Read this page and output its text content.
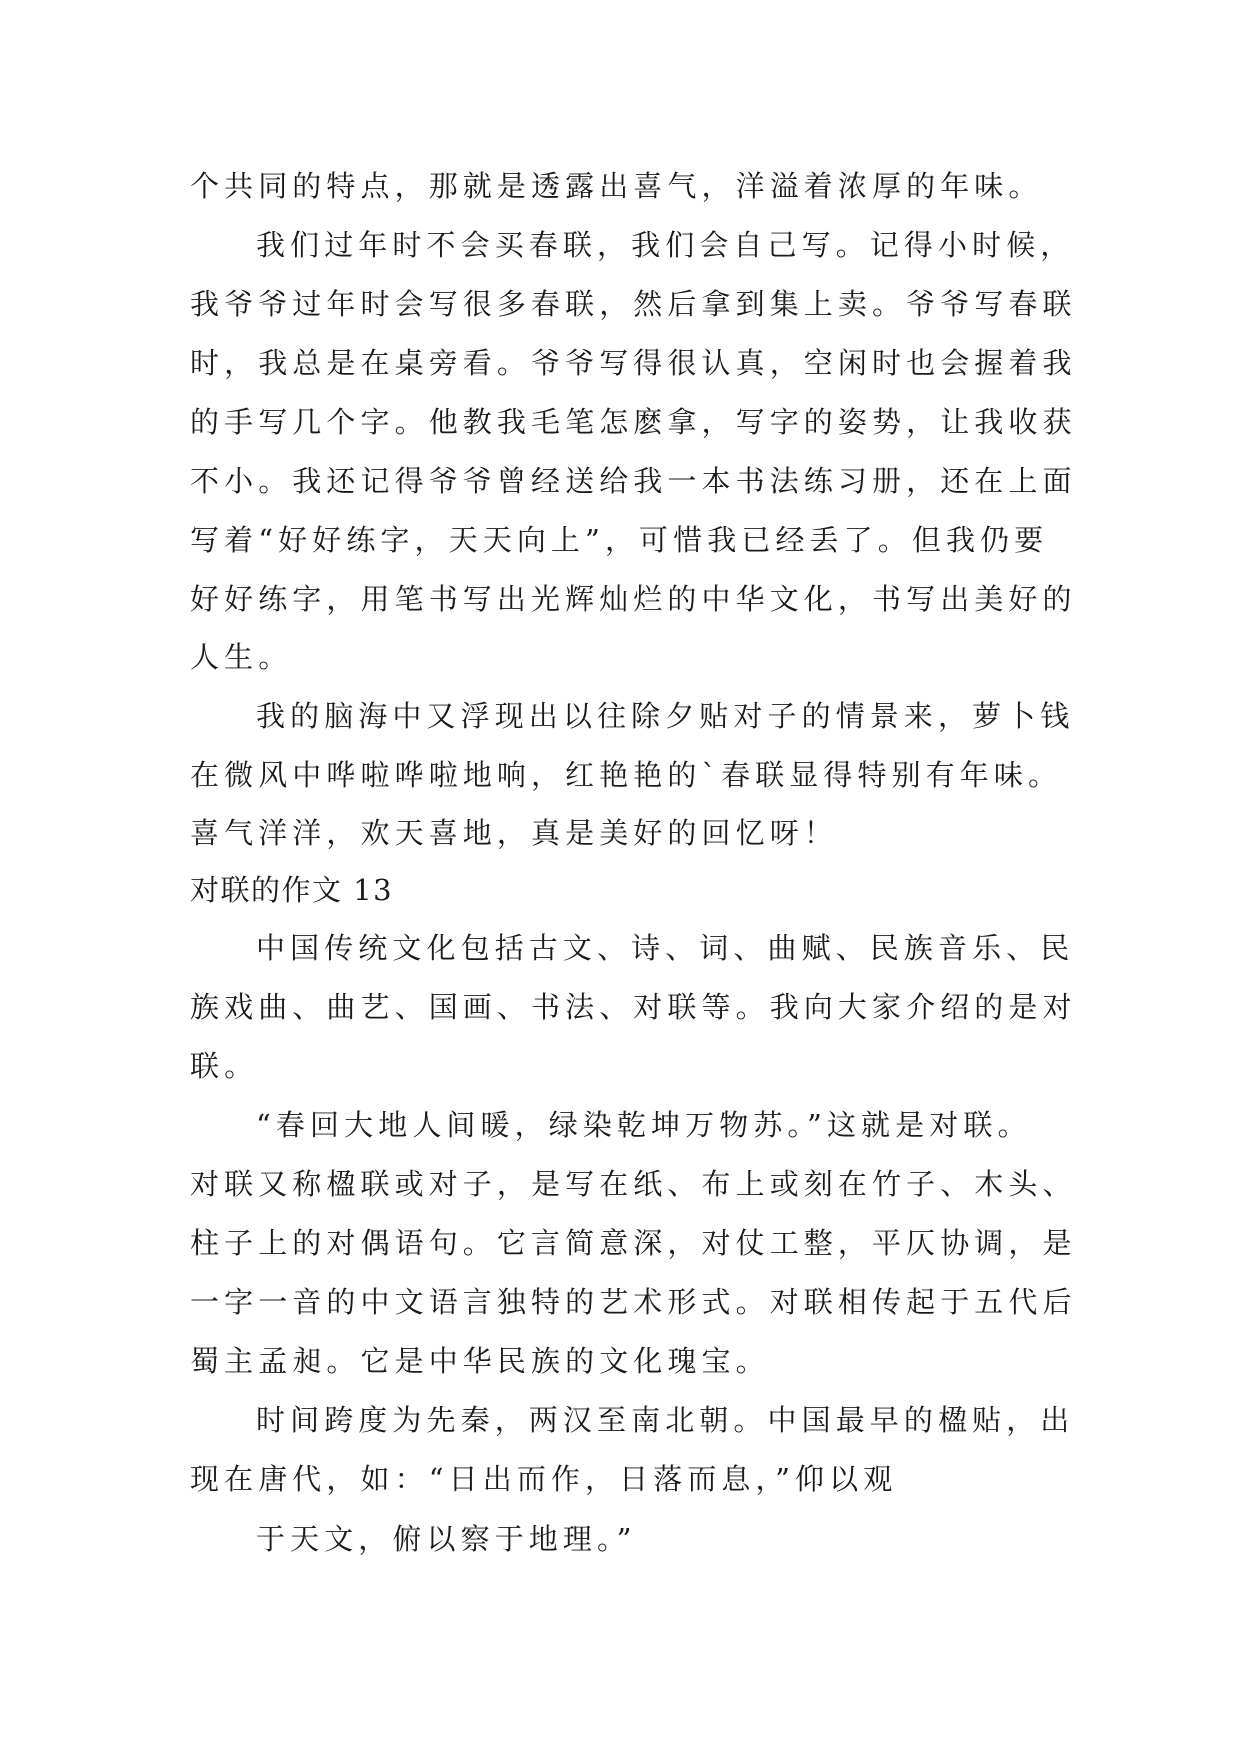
个共同的特点，那就是透露出喜气，洋溢着浓厚的年味。
我们过年时不会买春联，我们会自己写。记得小时候，
我爷爷过年时会写很多春联，然后拿到集上卖。爷爷写春联
时，我总是在桌旁看。爷爷写得很认真，空闲时也会握着我
的手写几个字。他教我毛笔怎麽拿，写字的姿势，让我收获
不小。我还记得爷爷曾经送给我一本书法练习册，还在上面
写着“好好练字，天天向上”，可惜我已经丢了。但我仍要
好好练字，用笔书写出光辉灿烂的中华文化，书写出美好的
人生。
我的脑海中又浮现出以往除夕贴对子的情景来，萝卜钱
在微风中哗啦哗啦地响，红艳艳的`春联显得特别有年味。
喜气洋洋，欢天喜地，真是美好的回忆呀！
对联的作文 13
中国传统文化包括古文、诗、词、曲赋、民族音乐、民
族戏曲、曲艺、国画、书法、对联等。我向大家介绍的是对
联。
“春回大地人间暖，绿染乾坤万物苏。”这就是对联。
对联又称楹联或对子，是写在纸、布上或刻在竹子、木头、
柱子上的对偶语句。它言简意深，对仗工整，平仄协调，是
一字一音的中文语言独特的艺术形式。对联相传起于五代后
蜀主孟昶。它是中华民族的文化瑰宝。
时间跨度为先秦，两汉至南北朝。中国最早的楹贴，出
现在唐代，如：“日出而作，日落而息，”仰以观
于天文，俯以察于地理。”
